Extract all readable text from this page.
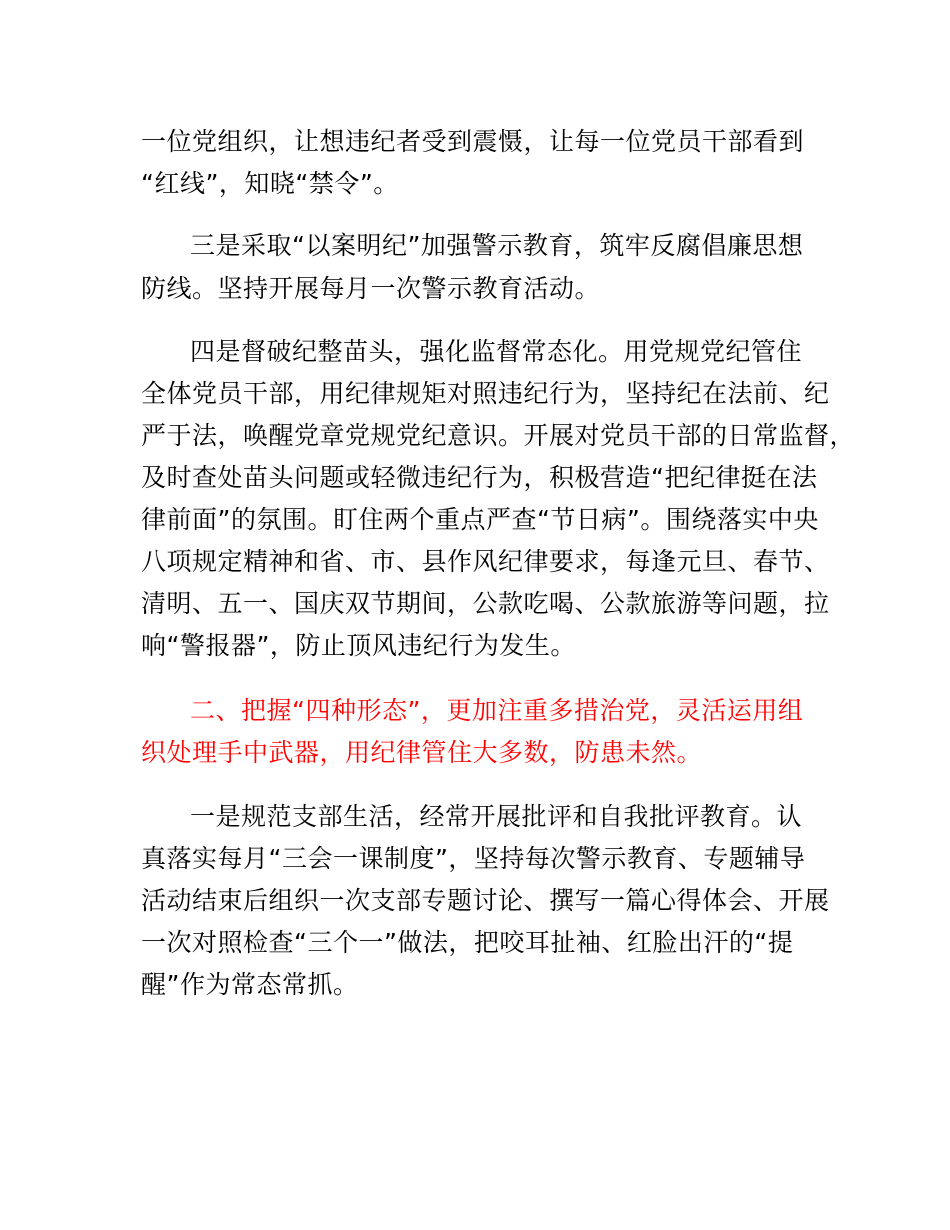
一位党组织，让想违纪者受到震慑，让每一位党员干部看到
“红线”，知晓“禁令”。
三是采取“以案明纪”加强警示教育，筑牢反腐倡廉思想
防线。坚持开展每月一次警示教育活动。
四是督破纪整苗头，强化监督常态化。用党规党纪管住
全体党员干部，用纪律规矩对照违纪行为，坚持纪在法前、纪
严于法，唤醒党章党规党纪意识。开展对党员干部的日常监督，
及时查处苗头问题或轻微违纪行为，积极营造“把纪律挺在法
律前面”的氛围。盯住两个重点严查“节日病”。围绕落实中央
八项规定精神和省、市、县作风纪律要求，每逢元旦、春节、
清明、五一、国庆双节期间，公款吃喝、公款旅游等问题，拉
响“警报器”，防止顶风违纪行为发生。
二、把握“四种形态”，更加注重多措治党，灵活运用组
织处理手中武器，用纪律管住大多数，防患未然。
一是规范支部生活，经常开展批评和自我批评教育。认
真落实每月“三会一课制度”，坚持每次警示教育、专题辅导
活动结束后组织一次支部专题讨论、撰写一篇心得体会、开展
一次对照检查“三个一”做法，把咬耳扯袖、红脸出汗的“提
醒”作为常态常抓。
